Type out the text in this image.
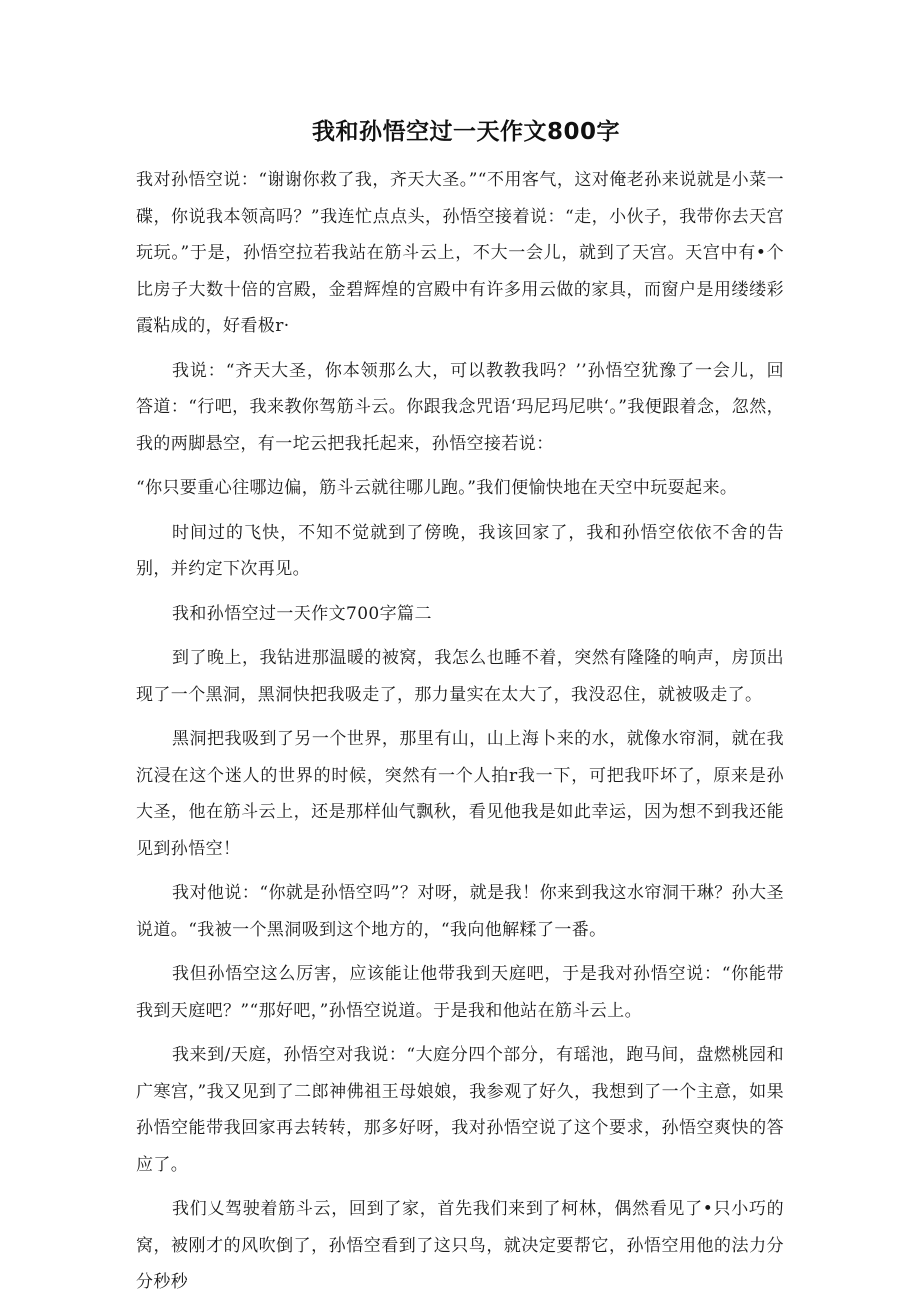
我和孙悟空过一天作文800字

我对孙悟空说：“谢谢你救了我，齐天大圣。”“不用客气，这对俺老孙来说就是小菜一碟，你说我本领高吗？”我连忙点点头，孙悟空接着说：“走，小伙子，我带你去天宫玩玩。”于是，孙悟空拉若我站在筋斗云上，不大一会儿，就到了天宫。天宫中有•个比房子大数十倍的宫殿，金碧辉煌的宫殿中有许多用云做的家具，而窗户是用缕缕彩霞粘成的，好看极r·

我说：“齐天大圣，你本领那么大，可以教教我吗？’’孙悟空犹豫了一会儿，回答道：“行吧，我来教你驾筋斗云。你跟我念咒语‘玛尼玛尼哄‘。”我便跟着念，忽然，我的两脚悬空，有一坨云把我托起来，孙悟空接若说：

“你只要重心往哪边偏，筋斗云就往哪儿跑。”我们便愉快地在天空中玩耍起来。

时间过的飞快，不知不觉就到了傍晚，我该回家了，我和孙悟空依依不舍的告别，并约定下次再见。

我和孙悟空过一天作文700字篇二

到了晚上，我钻进那温暖的被窝，我怎么也睡不着，突然有隆隆的响声，房顶出现了一个黑洞，黑洞快把我吸走了，那力量实在太大了，我没忍住，就被吸走了。

黑洞把我吸到了另一个世界，那里有山，山上海卜来的水，就像水帘洞，就在我沉浸在这个迷人的世界的时候，突然有一个人拍r我一下，可把我吓坏了，原来是孙大圣，他在筋斗云上，还是那样仙气飘秋，看见他我是如此幸运，因为想不到我还能见到孙悟空！

我对他说：“你就是孙悟空吗”？对呀，就是我！你来到我这水帘洞干琳？孙大圣说道。“我被一个黑洞吸到这个地方的，“我向他解糅了一番。

我但孙悟空这么厉害，应该能让他带我到天庭吧，于是我对孙悟空说：“你能带我到天庭吧？”“那好吧，”孙悟空说道。于是我和他站在筋斗云上。

我来到/天庭，孙悟空对我说：“大庭分四个部分，有瑶池，跑马间，盘燃桃园和广寒宫，”我又见到了二郎神佛祖王母娘娘，我参观了好久，我想到了一个主意，如果孙悟空能带我回家再去转转，那多好呀，我对孙悟空说了这个要求，孙悟空爽快的答应了。

我们乂驾驶着筋斗云，回到了家，首先我们来到了柯林，偶然看见了•只小巧的窝，被刚才的风吹倒了，孙悟空看到了这只鸟，就决定要帮它，孙悟空用他的法力分分秒秒
